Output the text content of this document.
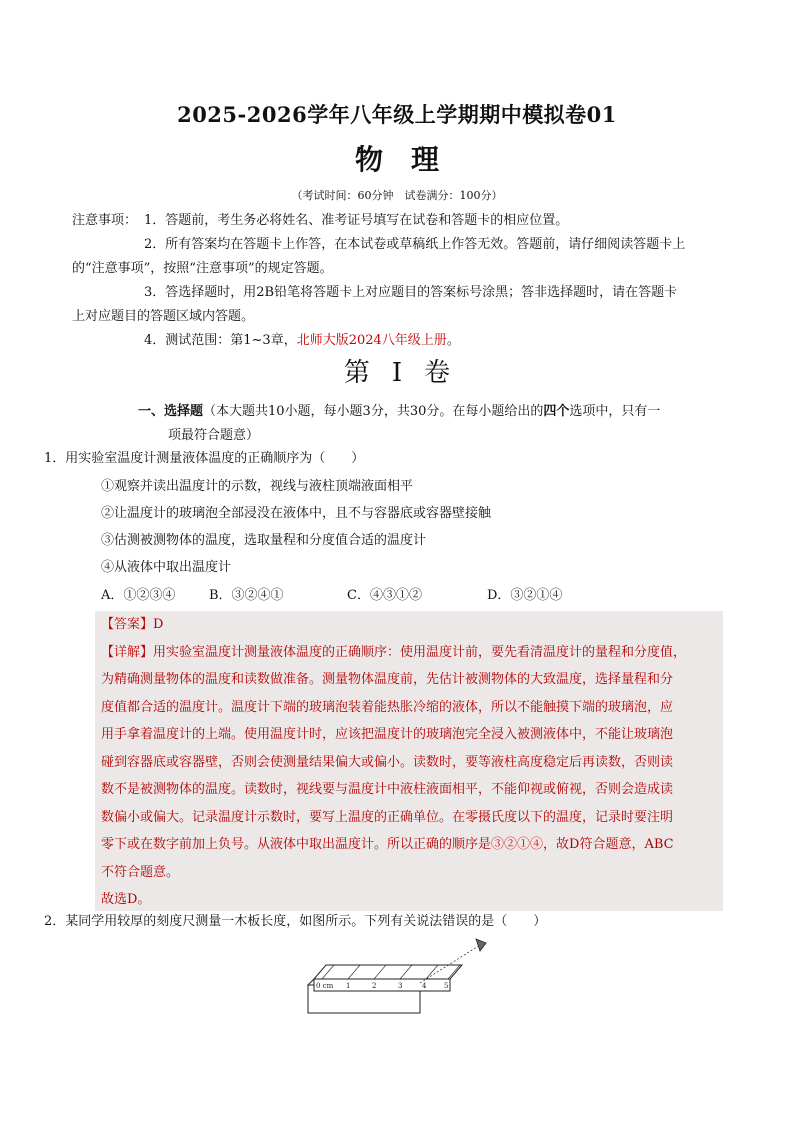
2025-2026学年八年级上学期期中模拟卷01
物理
（考试时间：60分钟　试卷满分：100分）
注意事项： 1．答题前，考生务必将姓名、准考证号填写在试卷和答题卡的相应位置。
2．所有答案均在答题卡上作答，在本试卷或草稿纸上作答无效。答题前，请仔细阅读答题卡上
的“注意事项”，按照“注意事项”的规定答题。
3．答选择题时，用2B铅笔将答题卡上对应题目的答案标号涂黑；答非选择题时，请在答题卡
上对应题目的答题区域内答题。
4．测试范围：第1~3章，北师大版2024八年级上册。
第Ⅰ卷
一、选择题（本大题共10小题，每小题3分，共30分。在每小题给出的四个选项中，只有一
项最符合题意）
1．用实验室温度计测量液体温度的正确顺序为（　　）
①观察并读出温度计的示数，视线与液柱顶端液面相平
②让温度计的玻璃泡全部浸没在液体中，且不与容器底或容器壁接触
③估测被测物体的温度，选取量程和分度值合适的温度计
④从液体中取出温度计
A．①②③④	B．③②④①	C．④③①②	D．③②①④
【答案】D
【详解】用实验室温度计测量液体温度的正确顺序：使用温度计前，要先看清温度计的量程和分度值，
为精确测量物体的温度和读数做准备。测量物体温度前，先估计被测物体的大致温度，选择量程和分
度值都合适的温度计。温度计下端的玻璃泡装着能热胀冷缩的液体，所以不能触摸下端的玻璃泡，应
用手拿着温度计的上端。使用温度计时，应该把温度计的玻璃泡完全浸入被测液体中，不能让玻璃泡
碰到容器底或容器壁，否则会使测量结果偏大或偏小。读数时，要等液柱高度稳定后再读数，否则读
数不是被测物体的温度。读数时，视线要与温度计中液柱液面相平，不能仰视或俯视，否则会造成读
数偏小或偏大。记录温度计示数时，要写上温度的正确单位。在零摄氏度以下的温度，记录时要注明
零下或在数字前加上负号。从液体中取出温度计。所以正确的顺序是③②①④，故D符合题意，ABC
不符合题意。
故选D。
2．某同学用较厚的刻度尺测量一木板长度，如图所示。下列有关说法错误的是（　　）
0 cm 1	2	3	4	5
